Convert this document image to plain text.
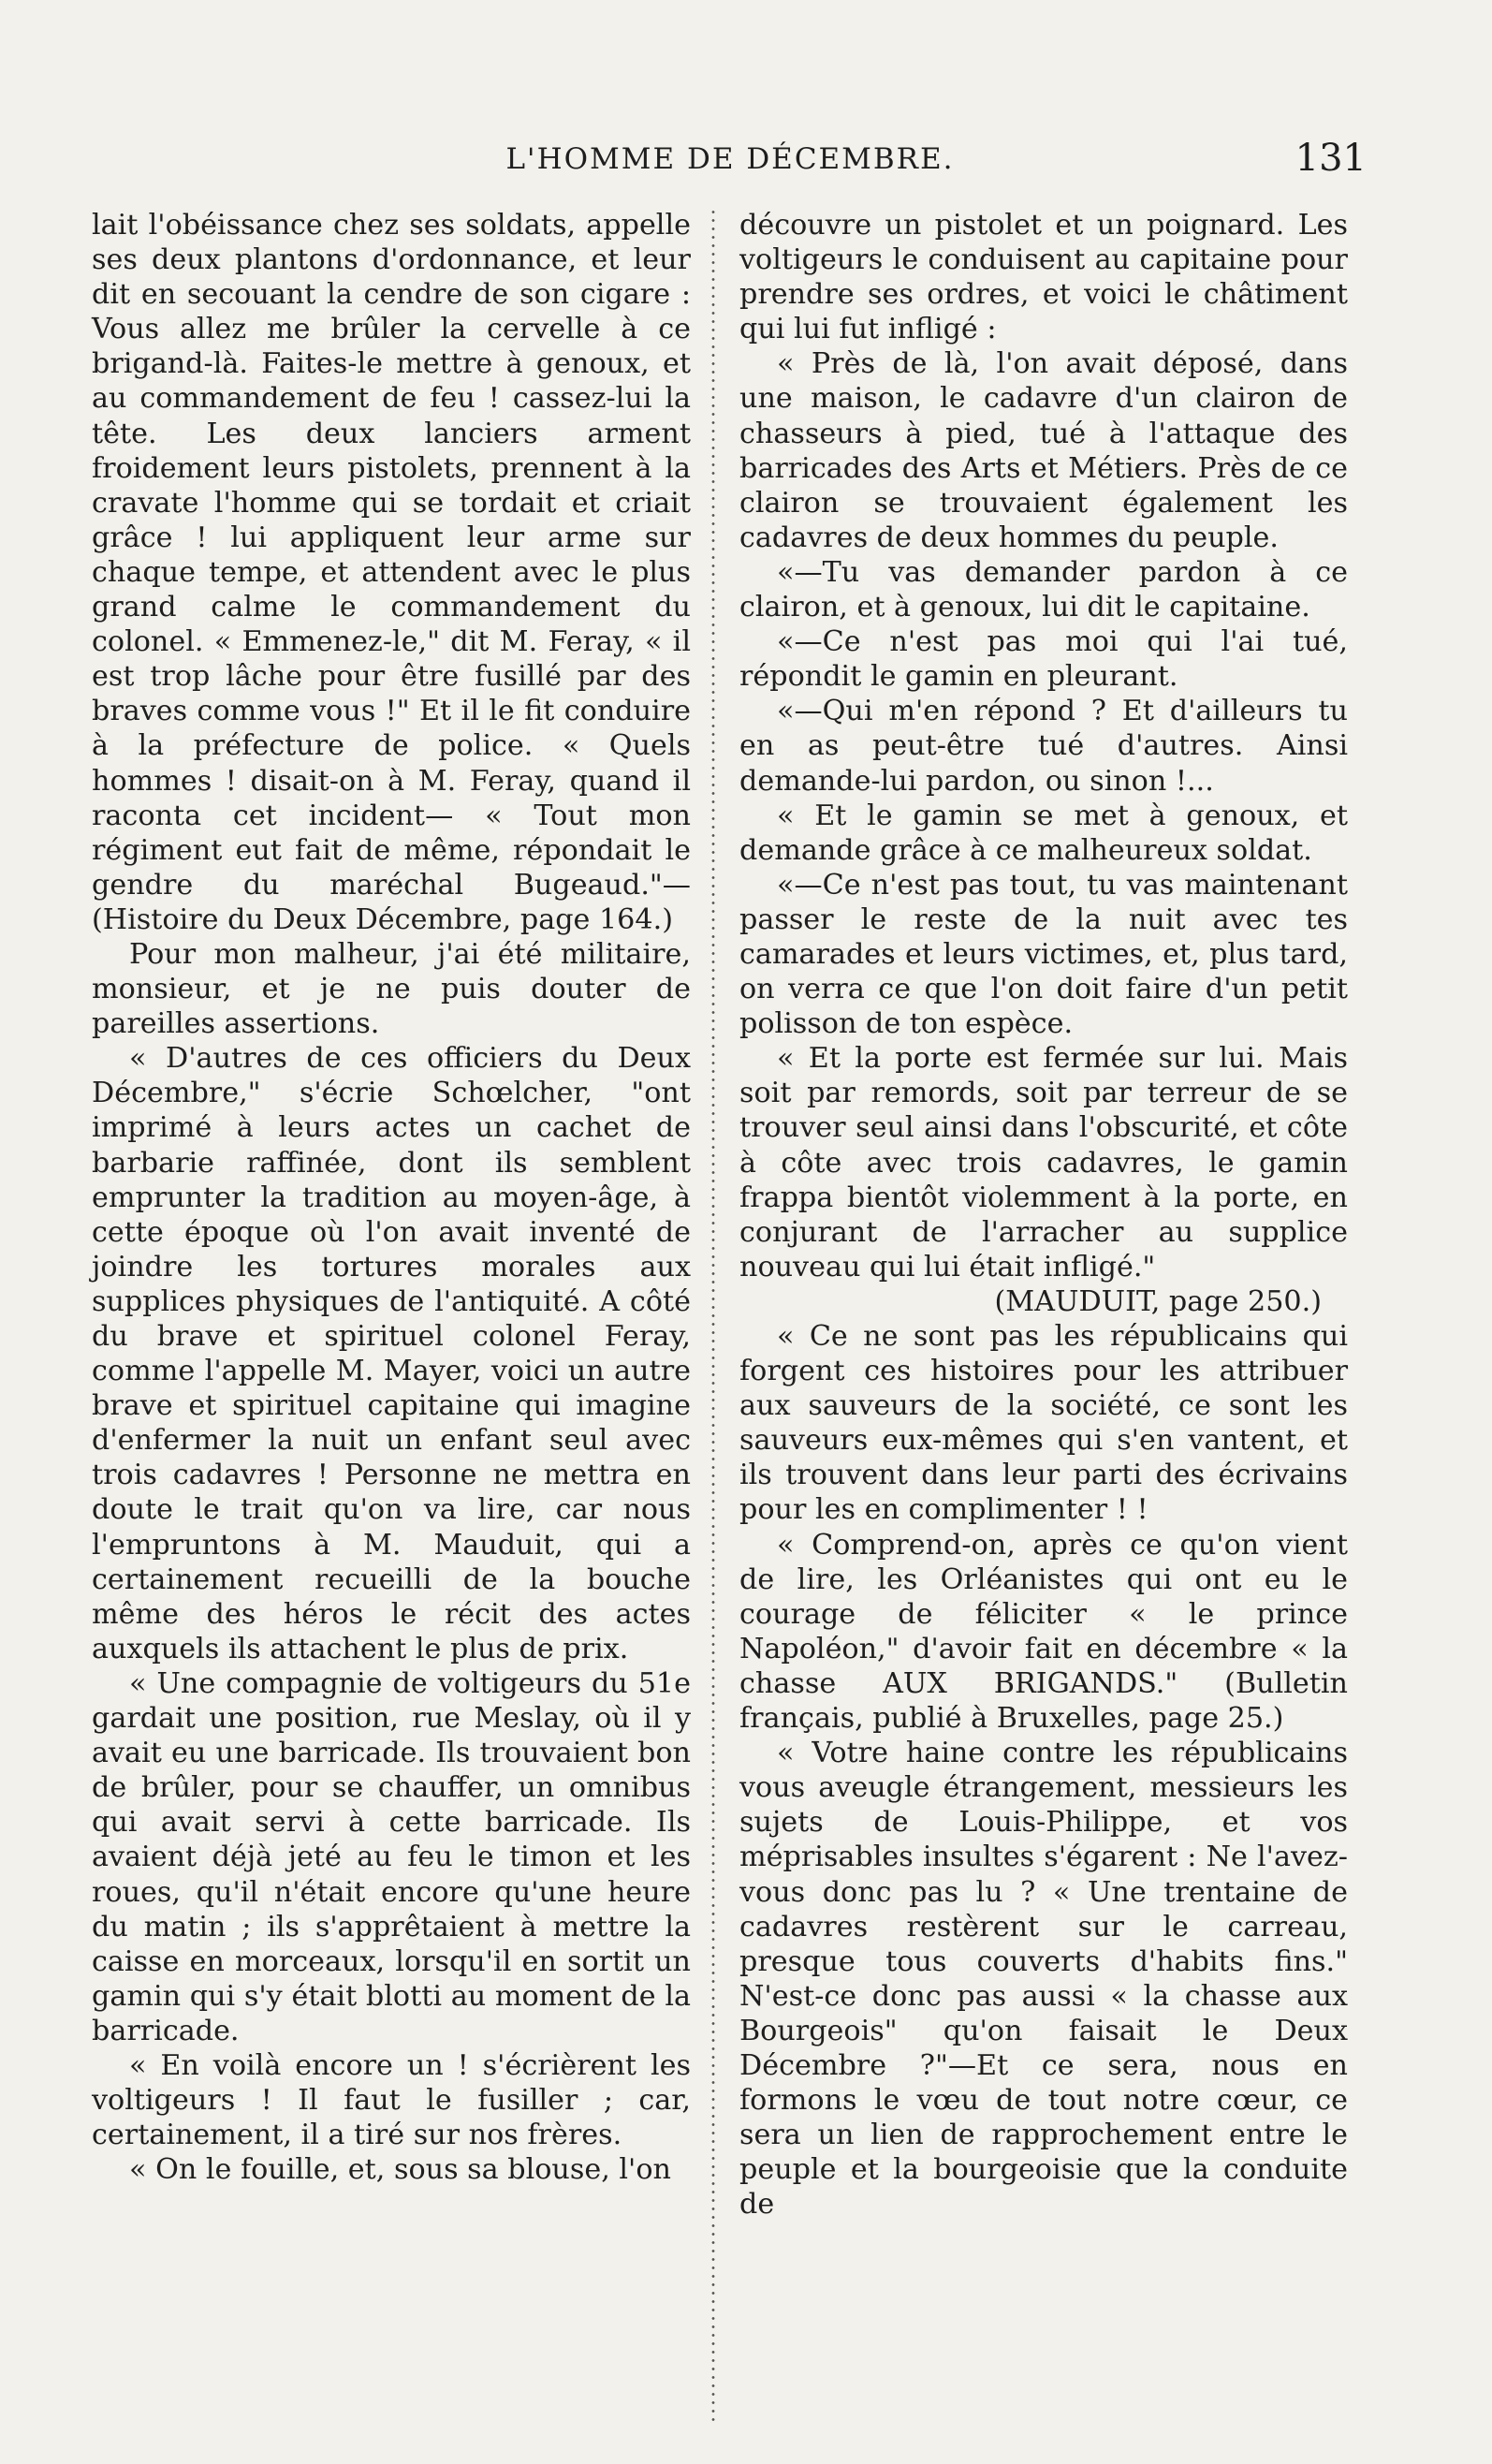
L'HOMME DE DÉCEMBRE.	131

lait l'obéissance chez ses soldats, appelle ses deux plantons d'ordonnance, et leur dit en secouant la cendre de son cigare : Vous allez me brûler la cervelle à ce brigand-là. Faites-le mettre à genoux, et au commandement de feu ! cassez-lui la tête. Les deux lanciers arment froidement leurs pistolets, prennent à la cravate l'homme qui se tordait et criait grâce ! lui appliquent leur arme sur chaque tempe, et attendent avec le plus grand calme le commandement du colonel. « Emmenez-le," dit M. Feray, « il est trop lâche pour être fusillé par des braves comme vous !" Et il le fit conduire à la préfecture de police. « Quels hommes ! disait-on à M. Feray, quand il raconta cet incident— « Tout mon régiment eut fait de même, répondait le gendre du maréchal Bugeaud."—(Histoire du Deux Décembre, page 164.)

Pour mon malheur, j'ai été militaire, monsieur, et je ne puis douter de pareilles assertions.

« D'autres de ces officiers du Deux Décembre," s'écrie Schœlcher, "ont imprimé à leurs actes un cachet de barbarie raffinée, dont ils semblent emprunter la tradition au moyen-âge, à cette époque où l'on avait inventé de joindre les tortures morales aux supplices physiques de l'antiquité. A côté du brave et spirituel colonel Feray, comme l'appelle M. Mayer, voici un autre brave et spirituel capitaine qui imagine d'enfermer la nuit un enfant seul avec trois cadavres ! Personne ne mettra en doute le trait qu'on va lire, car nous l'empruntons à M. Mauduit, qui a certainement recueilli de la bouche même des héros le récit des actes auxquels ils attachent le plus de prix.

« Une compagnie de voltigeurs du 51e gardait une position, rue Meslay, où il y avait eu une barricade. Ils trouvaient bon de brûler, pour se chauffer, un omnibus qui avait servi à cette barricade. Ils avaient déjà jeté au feu le timon et les roues, qu'il n'était encore qu'une heure du matin ; ils s'apprêtaient à mettre la caisse en morceaux, lorsqu'il en sortit un gamin qui s'y était blotti au moment de la barricade.

« En voilà encore un ! s'écrièrent les voltigeurs ! Il faut le fusiller ; car, certainement, il a tiré sur nos frères.

« On le fouille, et, sous sa blouse, l'on

découvre un pistolet et un poignard. Les voltigeurs le conduisent au capitaine pour prendre ses ordres, et voici le châtiment qui lui fut infligé :

« Près de là, l'on avait déposé, dans une maison, le cadavre d'un clairon de chasseurs à pied, tué à l'attaque des barricades des Arts et Métiers. Près de ce clairon se trouvaient également les cadavres de deux hommes du peuple.

«—Tu vas demander pardon à ce clairon, et à genoux, lui dit le capitaine.

«—Ce n'est pas moi qui l'ai tué, répondit le gamin en pleurant.

«—Qui m'en répond ? Et d'ailleurs tu en as peut-être tué d'autres. Ainsi demande-lui pardon, ou sinon !...

« Et le gamin se met à genoux, et demande grâce à ce malheureux soldat.

«—Ce n'est pas tout, tu vas maintenant passer le reste de la nuit avec tes camarades et leurs victimes, et, plus tard, on verra ce que l'on doit faire d'un petit polisson de ton espèce.

« Et la porte est fermée sur lui. Mais soit par remords, soit par terreur de se trouver seul ainsi dans l'obscurité, et côte à côte avec trois cadavres, le gamin frappa bientôt violemment à la porte, en conjurant de l'arracher au supplice nouveau qui lui était infligé."

(MAUDUIT, page 250.)

« Ce ne sont pas les républicains qui forgent ces histoires pour les attribuer aux sauveurs de la société, ce sont les sauveurs eux-mêmes qui s'en vantent, et ils trouvent dans leur parti des écrivains pour les en complimenter ! !

« Comprend-on, après ce qu'on vient de lire, les Orléanistes qui ont eu le courage de féliciter « le prince Napoléon," d'avoir fait en décembre « la chasse AUX BRIGANDS." (Bulletin français, publié à Bruxelles, page 25.)

« Votre haine contre les républicains vous aveugle étrangement, messieurs les sujets de Louis-Philippe, et vos méprisables insultes s'égarent : Ne l'avez-vous donc pas lu ? « Une trentaine de cadavres restèrent sur le carreau, presque tous couverts d'habits fins." N'est-ce donc pas aussi « la chasse aux Bourgeois" qu'on faisait le Deux Décembre ?"—Et ce sera, nous en formons le vœu de tout notre cœur, ce sera un lien de rapprochement entre le peuple et la bourgeoisie que la conduite de
